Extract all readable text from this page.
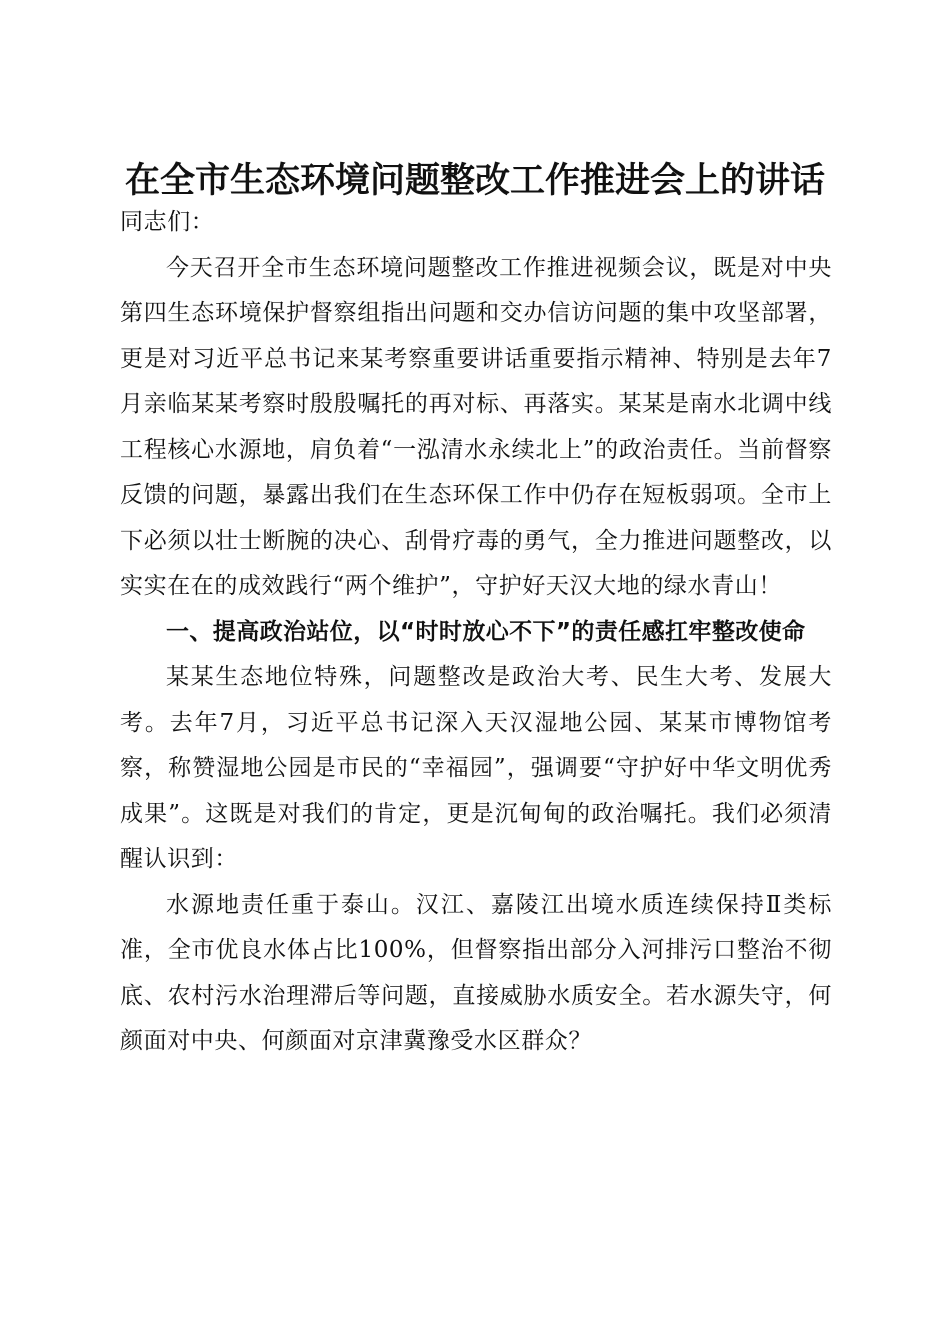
在全市生态环境问题整改工作推进会上的讲话

同志们：

今天召开全市生态环境问题整改工作推进视频会议，既是对中央第四生态环境保护督察组指出问题和交办信访问题的集中攻坚部署，更是对习近平总书记来某考察重要讲话重要指示精神、特别是去年7月亲临某某考察时殷殷嘱托的再对标、再落实。某某是南水北调中线工程核心水源地，肩负着“一泓清水永续北上”的政治责任。当前督察反馈的问题，暴露出我们在生态环保工作中仍存在短板弱项。全市上下必须以壮士断腕的决心、刮骨疗毒的勇气，全力推进问题整改，以实实在在的成效践行“两个维护”，守护好天汉大地的绿水青山！

一、提高政治站位，以“时时放心不下”的责任感扛牢整改使命

某某生态地位特殊，问题整改是政治大考、民生大考、发展大考。去年7月，习近平总书记深入天汉湿地公园、某某市博物馆考察，称赞湿地公园是市民的“幸福园”，强调要“守护好中华文明优秀成果”。这既是对我们的肯定，更是沉甸甸的政治嘱托。我们必须清醒认识到：

水源地责任重于泰山。汉江、嘉陵江出境水质连续保持Ⅱ类标准，全市优良水体占比100%，但督察指出部分入河排污口整治不彻底、农村污水治理滞后等问题，直接威胁水质安全。若水源失守，何颜面对中央、何颜面对京津冀豫受水区群众？
